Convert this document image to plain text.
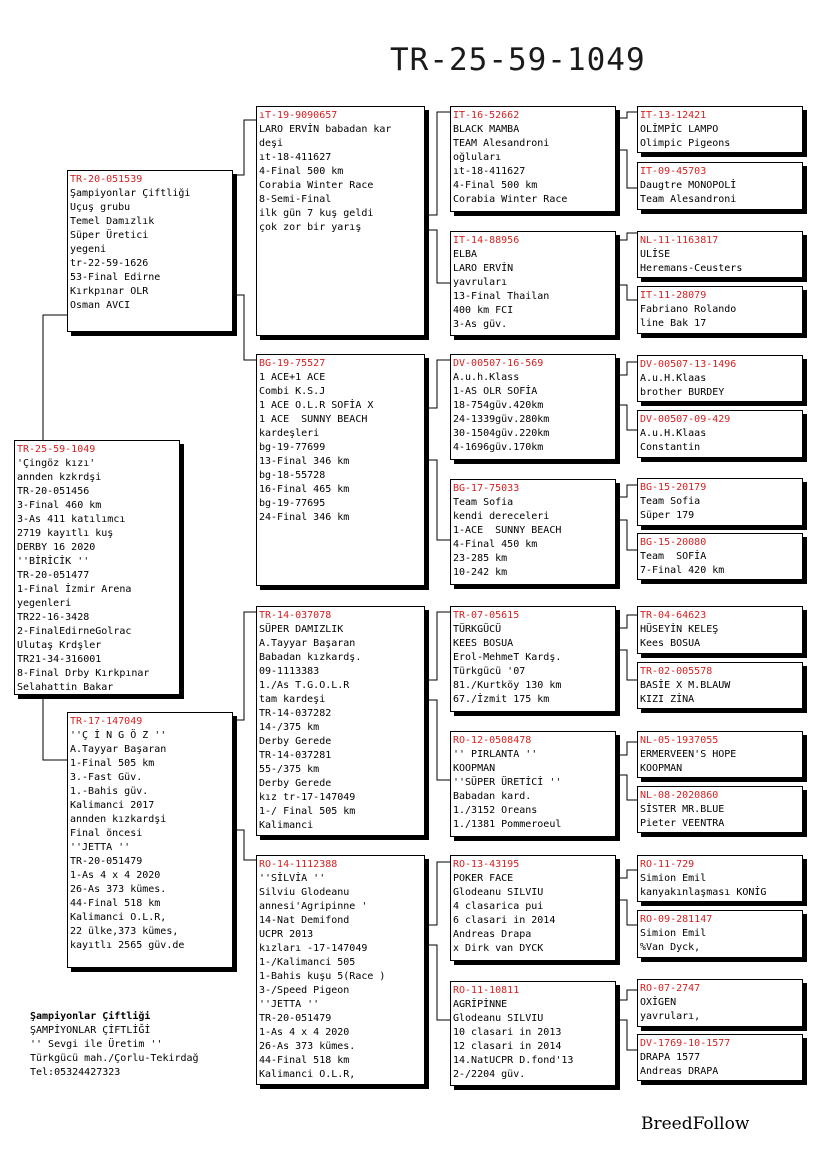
TR-25-59-1049
TR-25-59-1049
'Çingöz kızı'
annden kzkrdşi
TR-20-051456
3-Final 460 km
3-As 411 katılımcı
2719 kayıtlı kuş
DERBY 16 2020
''BİRİCİK ''
TR-20-051477
1-Final İzmir Arena
yegenleri
TR22-16-3428
2-FinalEdirneGolrac
Ulutaş Krdşler
TR21-34-316001
8-Final Drby Kırkpınar
Selahattin Bakar
TR-20-051539
Şampiyonlar Çiftliği
Uçuş grubu
Temel Damızlık
Süper Üretici
yegeni
tr-22-59-1626
53-Final Edirne
Kırkpınar OLR
Osman AVCI
TR-17-147049
''Ç İ N G Ö Z ''
A.Tayyar Başaran
1-Final 505 km
3.-Fast Güv.
1.-Bahis güv.
Kalimanci 2017
annden kızkardşi
Final öncesi
''JETTA ''
TR-20-051479
1-As 4 x 4 2020
26-As 373 kümes.
44-Final 518 km
Kalimanci O.L.R,
22 ülke,373 kümes,
kayıtlı 2565 güv.de
ıT-19-9090657
LARO ERVİN babadan kar
deşi
ıt-18-411627
4-Final 500 km
Corabia Winter Race
8-Semi-Final
ilk gün 7 kuş geldi
çok zor bir yarış
BG-19-75527
1 ACE+1 ACE
Combi K.S.J
1 ACE O.L.R SOFİA X
1 ACE  SUNNY BEACH
kardeşleri
bg-19-77699
13-Final 346 km
bg-18-55728
16-Final 465 km
bg-19-77695
24-Final 346 km
TR-14-037078
SÜPER DAMIZLIK
A.Tayyar Başaran
Babadan kızkardş.
09-1113383
1./As T.G.O.L.R
tam kardeşi
TR-14-037282
14-/375 km
Derby Gerede
TR-14-037281
55-/375 km
Derby Gerede
kız tr-17-147049
1-/ Final 505 km
Kalimanci
RO-14-1112388
''SİLVİA ''
Silviu Glodeanu
annesi'Agripinne '
14-Nat Demifond
UCPR 2013
kızları -17-147049
1-/Kalimanci 505
1-Bahis kuşu 5(Race )
3-/Speed Pigeon
''JETTA ''
TR-20-051479
1-As 4 x 4 2020
26-As 373 kümes.
44-Final 518 km
Kalimanci O.L.R,
IT-16-52662
BLACK MAMBA
TEAM Alesandroni
oğluları
ıt-18-411627
4-Final 500 km
Corabia Winter Race
IT-14-88956
ELBA
LARO ERVİN
yavruları
13-Final Thailan
400 km FCI
3-As güv.
DV-00507-16-569
A.u.h.Klass
1-AS OLR SOFİA
18-754güv.420km
24-1339güv.280km
30-1504güv.220km
4-1696güv.170km
BG-17-75033
Team Sofia
kendi dereceleri
1-ACE  SUNNY BEACH
4-Final 450 km
23-285 km
10-242 km
TR-07-05615
TÜRKGÜCÜ
KEES BOSUA
Erol-MehmeT Kardş.
Türkgücü '07
81./Kurtköy 130 km
67./İzmit 175 km
RO-12-0508478
'' PIRLANTA ''
KOOPMAN
''SÜPER ÜRETİCİ ''
Babadan kard.
1./3152 Oreans
1./1381 Pommeroeul
RO-13-43195
POKER FACE
Glodeanu SILVIU
4 clasarica pui
6 clasari in 2014
Andreas Drapa
x Dirk van DYCK
RO-11-10811
AGRİPİNNE
Glodeanu SILVIU
10 clasari in 2013
12 clasari in 2014
14.NatUCPR D.fond'13
2-/2204 güv.
IT-13-12421
OLİMPİC LAMPO
Olimpic Pigeons
IT-09-45703
Daugtre MONOPOLİ
Team Alesandroni
NL-11-1163817
ULİSE
Heremans-Ceusters
IT-11-28079
Fabriano Rolando
line Bak 17
DV-00507-13-1496
A.u.H.Klaas
brother BURDEY
DV-00507-09-429
A.u.H.Klaas
Constantin
BG-15-20179
Team Sofia
Süper 179
BG-15-20080
Team  SOFİA
7-Final 420 km
TR-04-64623
HÜSEYİN KELEŞ
Kees BOSUA
TR-02-005578
BASİE X M.BLAUW
KIZI ZİNA
NL-05-1937055
ERMERVEEN'S HOPE
KOOPMAN
NL-08-2020860
SİSTER MR.BLUE
Pieter VEENTRA
RO-11-729
Simion Emil
kanyakınlaşması KONİG
RO-09-281147
Simion Emil
%Van Dyck,
RO-07-2747
OXİGEN
yavruları,
DV-1769-10-1577
DRAPA 1577
Andreas DRAPA
Şampiyonlar Çiftliği
ŞAMPİYONLAR ÇİFTLİĞİ
'' Sevgi ile Üretim ''
Türkgücü mah./Çorlu-Tekirdağ
Tel:05324427323
BreedFollow
